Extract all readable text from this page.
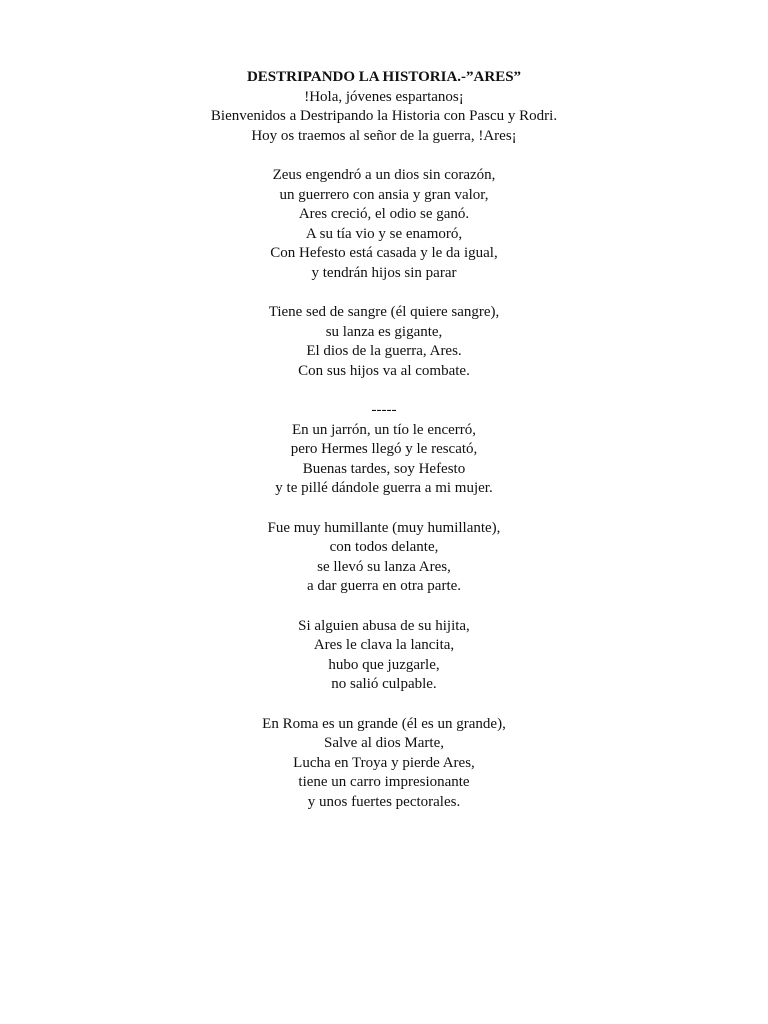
DESTRIPANDO LA HISTORIA.-”ARES”
!Hola, jóvenes espartanos¡
Bienvenidos a Destripando la Historia con Pascu y Rodri.
Hoy os traemos al señor de la guerra, !Ares¡
Zeus engendró a un dios sin corazón,
un guerrero con ansia y gran valor,
Ares creció, el odio se ganó.
A su tía vio y se enamoró,
Con Hefesto está casada y le da igual,
y tendrán hijos sin parar
Tiene sed de sangre (él quiere sangre),
su lanza es gigante,
El dios de la guerra, Ares.
Con sus hijos va al combate.
-----
En un jarrón, un tío le encerró,
pero Hermes llegó y le rescató,
Buenas tardes, soy Hefesto
y te pillé dándole guerra a mi mujer.
Fue muy humillante (muy humillante),
con todos delante,
se llevó su lanza Ares,
a dar guerra en otra parte.
Si alguien abusa de su hijita,
Ares le clava la lancita,
hubo que juzgarle,
no salió culpable.
En Roma es un grande (él es un grande),
Salve al dios Marte,
Lucha en Troya y pierde Ares,
tiene un carro impresionante
y unos fuertes pectorales.
